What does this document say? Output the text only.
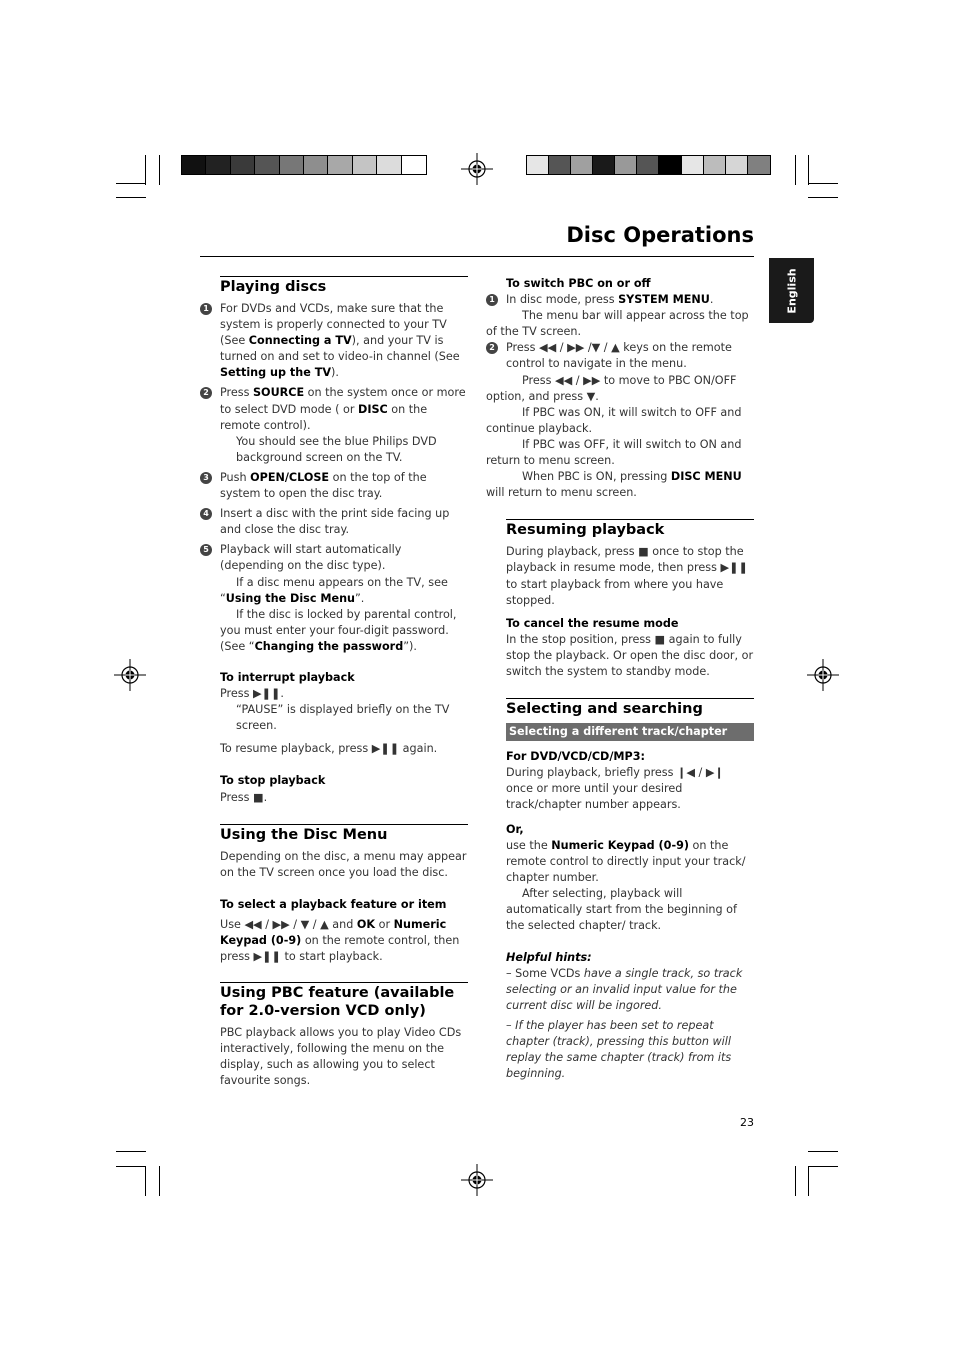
Disc Operations
English
Playing discs
1 For DVDs and VCDs, make sure that the system is properly connected to your TV (See Connecting a TV), and your TV is turned on and set to video-in channel (See Setting up the TV).
2 Press SOURCE on the system once or more to select DVD mode ( or DISC on the remote control).
You should see the blue Philips DVD background screen on the TV.
3 Push OPEN/CLOSE on the top of the system to open the disc tray.
4 Insert a disc with the print side facing up and close the disc tray.
5 Playback will start automatically (depending on the disc type).
If a disc menu appears on the TV, see “Using the Disc Menu”.
If the disc is locked by parental control, you must enter your four-digit password. (See “Changing the password”).
To interrupt playback
Press ▶❚❚.
“PAUSE” is displayed briefly on the TV screen.
To resume playback, press ▶❚❚ again.
To stop playback
Press ■.
Using the Disc Menu
Depending on the disc, a menu may appear on the TV screen once you load the disc.
To select a playback feature or item
Use ◀◀ / ▶▶ / ▼ / ▲ and OK or Numeric Keypad (0-9) on the remote control, then press ▶❚❚ to start playback.
Using PBC feature (available for 2.0-version VCD only)
PBC playback allows you to play Video CDs interactively, following the menu on the display, such as allowing you to select favourite songs.
To switch PBC on or off
1 In disc mode, press SYSTEM MENU.
The menu bar will appear across the top of the TV screen.
2	Press ◀◀ / ▶▶ /▼ / ▲ keys on the remote control to navigate in the menu.
Press ◀◀ / ▶▶ to move to PBC ON/OFF option, and press ▼.
If PBC was ON, it will switch to OFF and continue playback.
If PBC was OFF, it will switch to ON and return to menu screen.
When PBC is ON, pressing DISC MENU will return to menu screen.
Resuming playback
During playback, press ■ once to stop the playback in resume mode, then press ▶❚❚ to start playback from where you have stopped.
To cancel the resume mode
In the stop position, press ■ again to fully stop the playback. Or open the disc door, or switch the system to standby mode.
Selecting and searching
Selecting a different track/chapter
For DVD/VCD/CD/MP3:
During playback, briefly press ❙◀ / ▶❙ once or more until your desired track/chapter number appears.
Or,
use the Numeric Keypad (0-9) on the remote control to directly input your track/ chapter number.
After selecting, playback will automatically start from the beginning of the selected chapter/ track.
Helpful hints:
– Some VCDs have a single track, so track selecting or an invalid input value for the current disc will be ingored.
– If the player has been set to repeat chapter (track), pressing this button will replay the same chapter (track) from its beginning.
23
